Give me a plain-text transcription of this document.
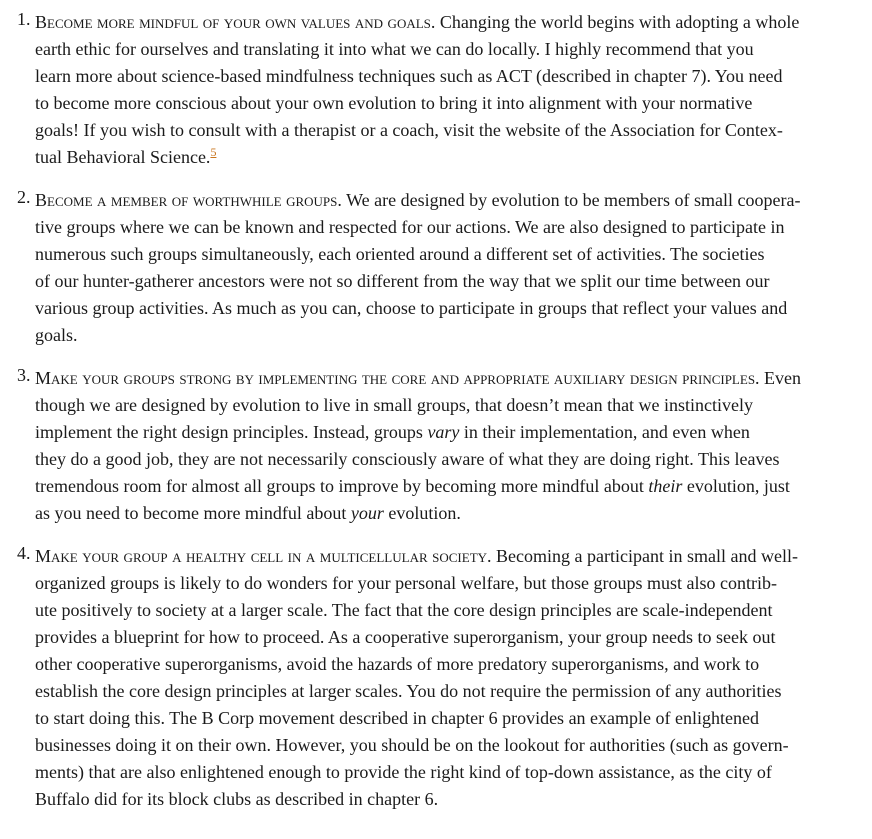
1. Become more mindful of your own values and goals. Changing the world begins with adopting a whole
earth ethic for ourselves and translating it into what we can do locally. I highly recommend that you
learn more about science-based mindfulness techniques such as ACT (described in chapter 7). You need
to become more conscious about your own evolution to bring it into alignment with your normative
goals! If you wish to consult with a therapist or a coach, visit the website of the Association for Contex-
tual Behavioral Science.$^5$
2. Become a member of worthwhile groups. We are designed by evolution to be members of small coopera-
tive groups where we can be known and respected for our actions. We are also designed to participate in
numerous such groups simultaneously, each oriented around a different set of activities. The societies
of our hunter-gatherer ancestors were not so different from the way that we split our time between our
various group activities. As much as you can, choose to participate in groups that reflect your values and
goals.
3. Make your groups strong by implementing the core and appropriate auxiliary design principles. Even
though we are designed by evolution to live in small groups, that doesn’t mean that we instinctively
implement the right design principles. Instead, groups vary in their implementation, and even when
they do a good job, they are not necessarily consciously aware of what they are doing right. This leaves
tremendous room for almost all groups to improve by becoming more mindful about their evolution, just
as you need to become more mindful about your evolution.
4. Make your group a healthy cell in a multicellular society. Becoming a participant in small and well-
organized groups is likely to do wonders for your personal welfare, but those groups must also contrib-
ute positively to society at a larger scale. The fact that the core design principles are scale-independent
provides a blueprint for how to proceed. As a cooperative superorganism, your group needs to seek out
other cooperative superorganisms, avoid the hazards of more predatory superorganisms, and work to
establish the core design principles at larger scales. You do not require the permission of any authorities
to start doing this. The B Corp movement described in chapter 6 provides an example of enlightened
businesses doing it on their own. However, you should be on the lookout for authorities (such as govern-
ments) that are also enlightened enough to provide the right kind of top-down assistance, as the city of
Buffalo did for its block clubs as described in chapter 6.
